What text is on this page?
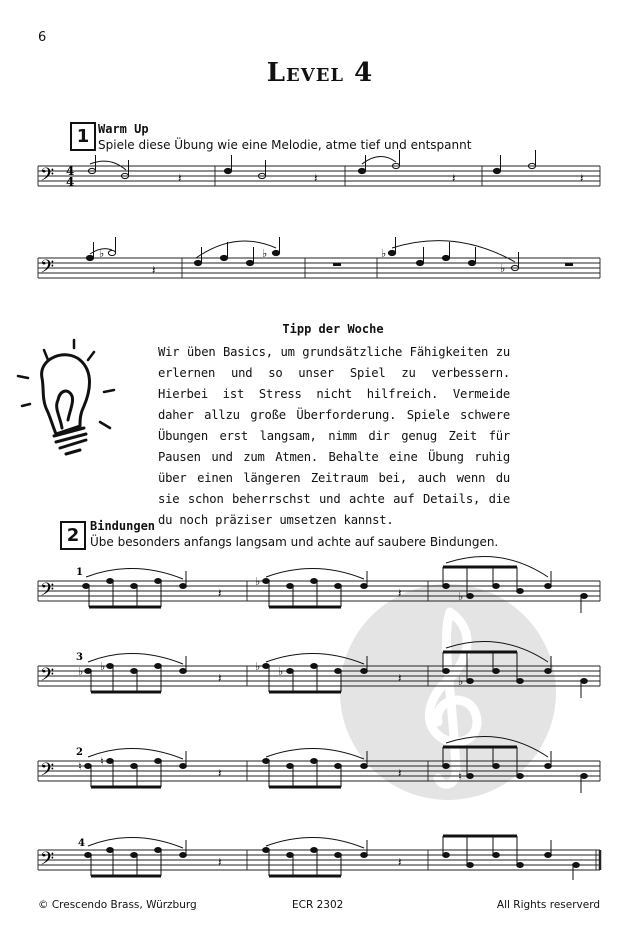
6
Level 4
1 Warm Up
Spiele diese Übung wie eine Melodie, atme tief und entspannt
𝄢 4
4	𝄽	𝄽	𝄽	𝄽
𝄢
♭
𝄽
♭	♭
♭
Tipp der Woche
Wir üben Basics, um grundsätzliche Fähigkeiten zu erlernen und so unser Spiel zu verbessern. Hierbei ist Stress nicht hilfreich. Vermeide daher allzu große Überforderung. Spiele schwere Übungen erst langsam, nimm dir genug Zeit für Pausen und zum Atmen. Behalte eine Übung ruhig über einen längeren Zeitraum bei, auch wenn du sie schon beherrschst und achte auf Details, die du noch präziser umsetzen kannst.
2 Bindungen
Übe besonders anfangs langsam und achte auf saubere Bindungen.
1
𝄢	𝄽
♭
𝄽	♭
3
𝄢 ♭ ♭
𝄽
♭ ♭	𝄽	♭
2
𝄢 ♮ ♮
𝄽	𝄽	♮
4
𝄢	𝄽	𝄽
© Crescendo Brass, Würzburg	ECR 2302	All Rights reserverd
